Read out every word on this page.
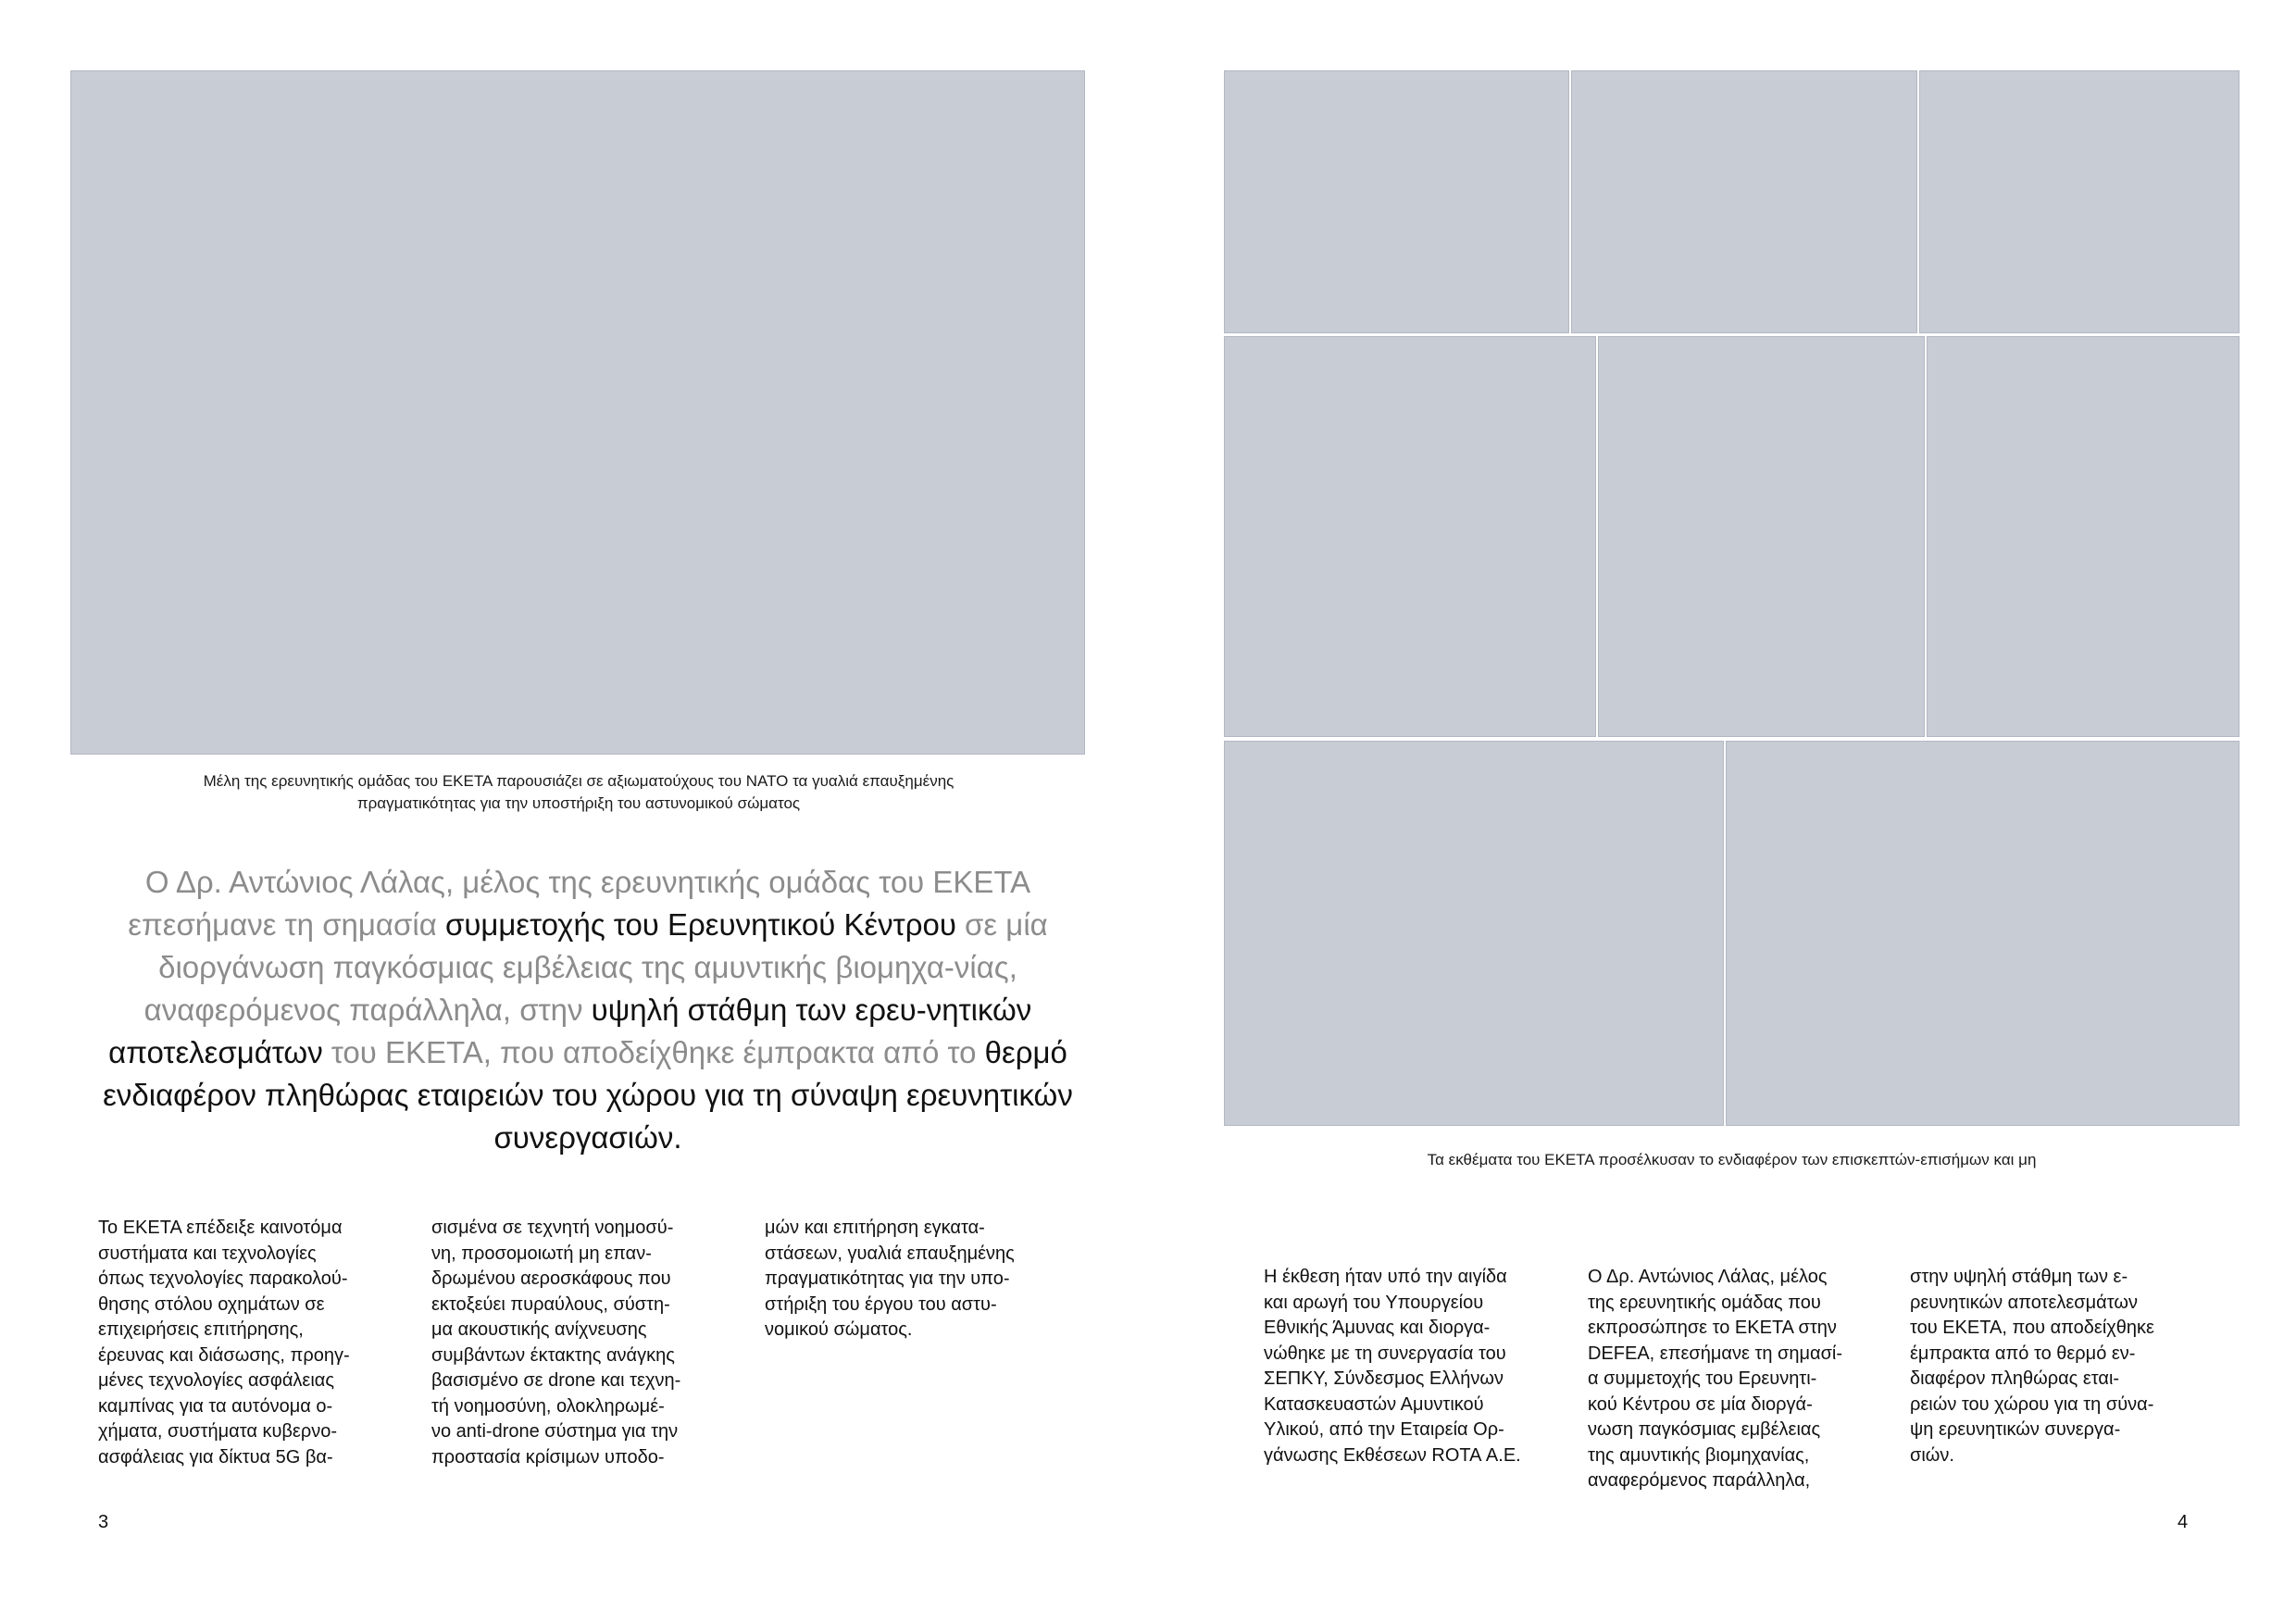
Μέλη της ερευνητικής ομάδας του ΕΚΕΤΑ παρουσιάζει σε αξιωματούχους του ΝΑΤΟ τα γυαλιά επαυξημένης
πραγματικότητας για την υποστήριξη του αστυνομικού σώματος
Ο Δρ. Αντώνιος Λάλας, μέλος της ερευνητικής ομάδας του ΕΚΕΤΑ επεσήμανε τη σημασία συμμετοχής του Ερευνητικού Κέντρου σε μία διοργάνωση παγκόσμιας εμβέλειας της αμυντικής βιομηχα-νίας, αναφερόμενος παράλληλα, στην υψηλή στάθμη των ερευ-νητικών αποτελεσμάτων του ΕΚΕΤΑ, που αποδείχθηκε έμπρακτα από το θερμό ενδιαφέρον πληθώρας εταιρειών του χώρου για τη σύναψη ερευνητικών συνεργασιών.
Το ΕΚΕΤΑ επέδειξε καινοτόμα
συστήματα και τεχνολογίες
όπως τεχνολογίες παρακολού-
θησης στόλου οχημάτων σε
επιχειρήσεις επιτήρησης,
έρευνας και διάσωσης, προηγ-
μένες τεχνολογίες ασφάλειας
καμπίνας για τα αυτόνομα ο-
χήματα, συστήματα κυβερνο-
ασφάλειας για δίκτυα 5G βα-
σισμένα σε τεχνητή νοημοσύ-
νη, προσομοιωτή μη επαν-
δρωμένου αεροσκάφους που
εκτοξεύει πυραύλους, σύστη-
μα ακουστικής ανίχνευσης
συμβάντων έκτακτης ανάγκης
βασισμένο σε drone και τεχνη-
τή νοημοσύνη, ολοκληρωμέ-
νο anti-drone σύστημα για την
προστασία κρίσιμων υποδο-
μών και επιτήρηση εγκατα-
στάσεων, γυαλιά επαυξημένης
πραγματικότητας για την υπο-
στήριξη του έργου του αστυ-
νομικού σώματος.
3
Τα εκθέματα του ΕΚΕΤΑ προσέλκυσαν το ενδιαφέρον των επισκεπτών-επισήμων και μη
Η έκθεση ήταν υπό την αιγίδα
και αρωγή του Υπουργείου
Εθνικής Άμυνας και διοργα-
νώθηκε με τη συνεργασία του
ΣΕΠΚΥ, Σύνδεσμος Ελλήνων
Κατασκευαστών Αμυντικού
Υλικού, από την Εταιρεία Ορ-
γάνωσης Εκθέσεων ROTA Α.Ε.
Ο Δρ. Αντώνιος Λάλας, μέλος
της ερευνητικής ομάδας που
εκπροσώπησε το ΕΚΕΤΑ στην
DEFEA, επεσήμανε τη σημασί-
α συμμετοχής του Ερευνητι-
κού Κέντρου σε μία διοργά-
νωση παγκόσμιας εμβέλειας
της αμυντικής βιομηχανίας,
αναφερόμενος παράλληλα,
στην υψηλή στάθμη των ε-
ρευνητικών αποτελεσμάτων
του ΕΚΕΤΑ, που αποδείχθηκε
έμπρακτα από το θερμό εν-
διαφέρον πληθώρας εται-
ρειών του χώρου για τη σύνα-
ψη ερευνητικών συνεργα-
σιών.
4
